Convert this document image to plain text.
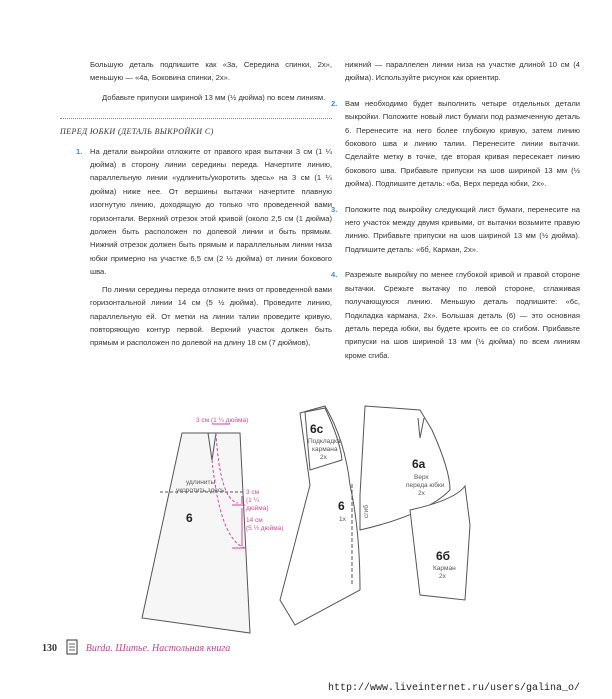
Большую деталь подпишите как «3а, Середина спинки, 2х», меньшую — «4а, Боковина спинки, 2х».

Добавьте припуски шириной 13 мм (½ дюйма) по всем линиям.

ПЕРЕД ЮБКИ (ДЕТАЛЬ ВЫКРОЙКИ С)
1. На детали выкройки отложите от правого края вытачки 3 см (1 ¼ дюйма) в сторону линии середины переда. Начертите линию, параллельную линии «удлинить/укоротить здесь» на 3 см (1 ¼ дюйма) ниже нее. От вершины вытачки начертите плавную изогнутую линию, доходящую до только что проведенной вами горизонтали. Верхний отрезок этой кривой (около 2,5 см (1 дюйма) должен быть расположен по долевой линии и быть прямым. Нижний отрезок должен быть прямым и параллельным линии низа юбки примерно на участке 6,5 см (2 ½ дюйма) от линии бокового шва.

По линии середины переда отложите вниз от проведенной вами горизонтальной линии 14 см (5 ½ дюйма). Проведите линию, параллельную ей. От метки на линии талии проведите кривую, повторяющую контур первой. Верхний участок должен быть прямым и расположен по долевой на длину 18 см (7 дюймов),

нижний — параллелен линии низа на участке длиной 10 см (4 дюйма). Используйте рисунок как ориентир.

2. Вам необходимо будет выполнить четыре отдельных детали выкройки. Положите новый лист бумаги под размеченную деталь 6. Перенесите на него более глубокую кривую, затем линию бокового шва и линию талии. Перенесите линии вытачки. Сделайте метку в точке, где вторая кривая пересекает линию бокового шва. Прибавьте припуски на шов шириной 13 мм (½ дюйма). Подпишите деталь: «6а, Верх переда юбки, 2х».

3. Положите под выкройку следующий лист бумаги, перенесите на него участок между двумя кривыми, от вытачки возьмите правую линию. Прибавьте припуски на шов шириной 13 мм (½ дюйма). Подпишите деталь: «6б, Карман, 2х».

4. Разрежьте выкройку по менее глубокой кривой и правой стороне вытачки. Срежьте вытачку по левой стороне, сглаживая получающуюся линию. Меньшую деталь подпишите: «6с, Подкладка кармана, 2х». Большая деталь (6) — это основная деталь переда юбки, вы будете кроить ее со сгибом. Прибавьте припуски на шов шириной 13 мм (½ дюйма) по всем линиям кроме сгиба.

3 см (1 ¼ дюйма)
удлинить/
укоротить здесь	3 см
(1 ¼
дюйма)
14 см
(5 ½ дюйма)
6
6с
Подкладка
кармана
2х
6
1х
сгиб
6а
Верх
переда юбки
2х
6б
Карман
2х
130	Burda. Шитье. Настольная книга
http://www.liveinternet.ru/users/galina_o/
